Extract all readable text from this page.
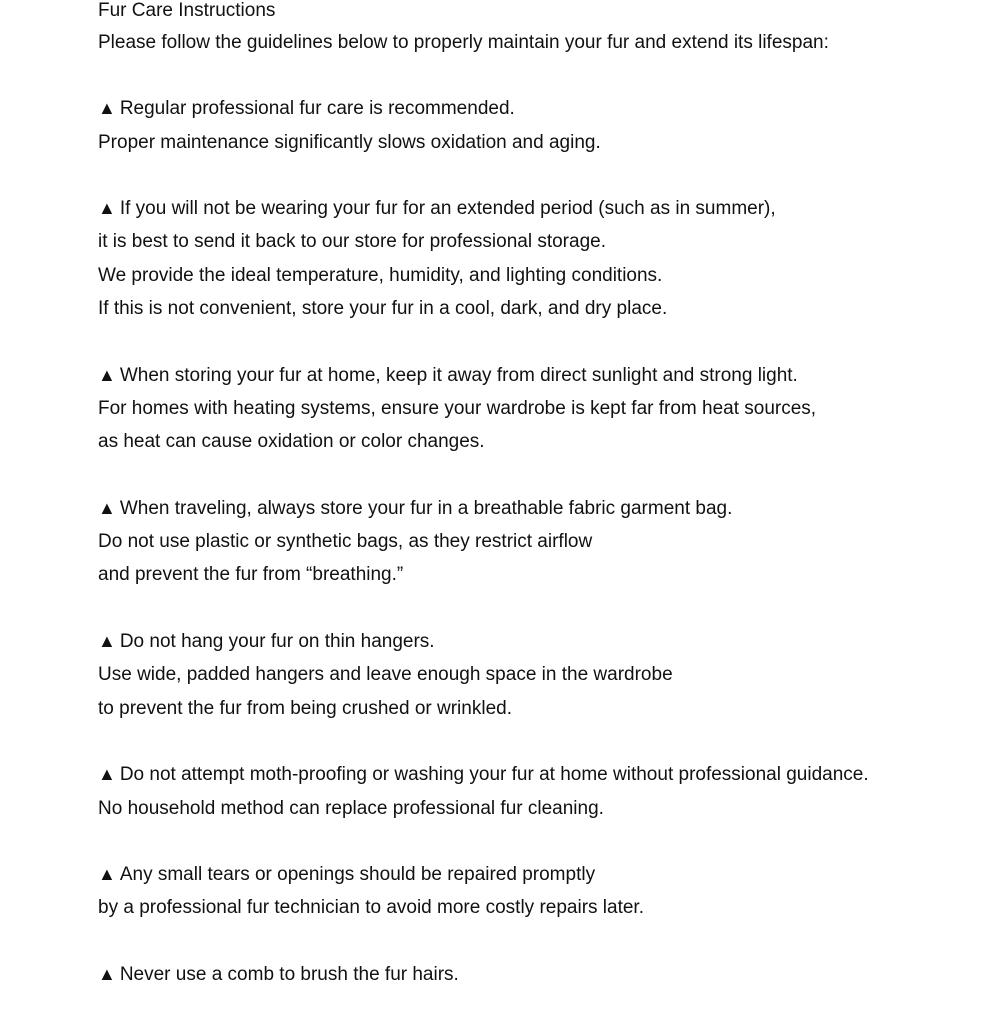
Fur Care Instructions

Please follow the guidelines below to properly maintain your fur and extend its lifespan:

▲ Regular professional fur care is recommended.
Proper maintenance significantly slows oxidation and aging.
▲ If you will not be wearing your fur for an extended period (such as in summer),
it is best to send it back to our store for professional storage.
We provide the ideal temperature, humidity, and lighting conditions.
If this is not convenient, store your fur in a cool, dark, and dry place.
▲ When storing your fur at home, keep it away from direct sunlight and strong light.
For homes with heating systems, ensure your wardrobe is kept far from heat sources,
as heat can cause oxidation or color changes.
▲ When traveling, always store your fur in a breathable fabric garment bag.
Do not use plastic or synthetic bags, as they restrict airflow
and prevent the fur from “breathing.”
▲ Do not hang your fur on thin hangers.
Use wide, padded hangers and leave enough space in the wardrobe
to prevent the fur from being crushed or wrinkled.
▲ Do not attempt moth-proofing or washing your fur at home without professional guidance.
No household method can replace professional fur cleaning.
▲ Any small tears or openings should be repaired promptly
by a professional fur technician to avoid more costly repairs later.
▲ Never use a comb to brush the fur hairs.
